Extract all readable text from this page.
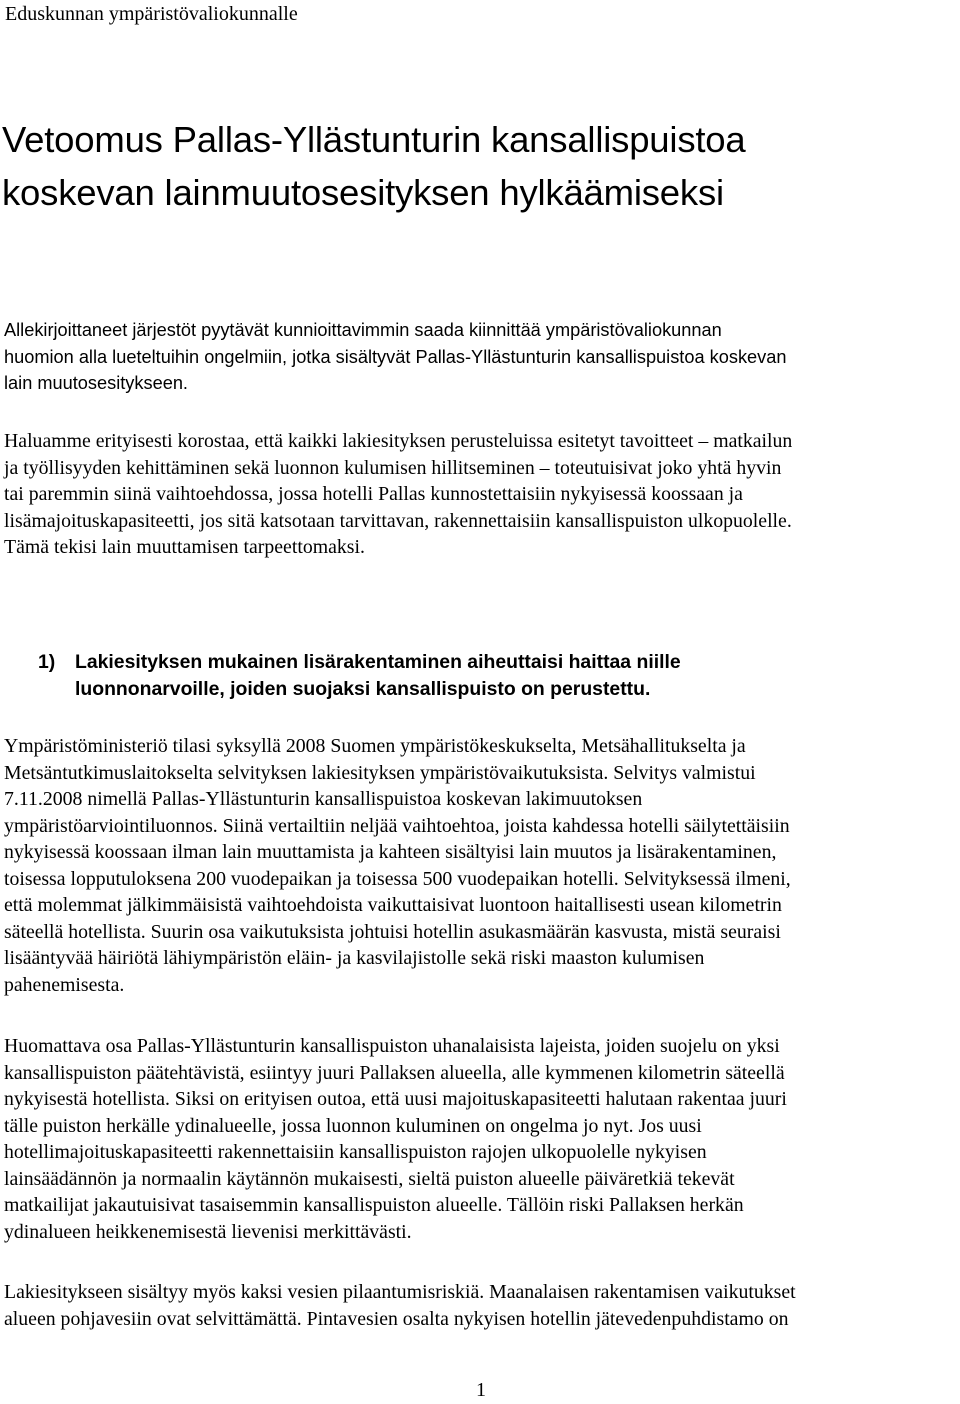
Eduskunnan ympäristövaliokunnalle

Vetoomus Pallas-Yllästunturin kansallispuistoa
koskevan lainmuutosesityksen hylkäämiseksi

Allekirjoittaneet järjestöt pyytävät kunnioittavimmin saada kiinnittää ympäristövaliokunnan
huomion alla lueteltuihin ongelmiin, jotka sisältyvät Pallas-Yllästunturin kansallispuistoa koskevan
lain muutosesitykseen.

Haluamme erityisesti korostaa, että kaikki lakiesityksen perusteluissa esitetyt tavoitteet – matkailun
ja työllisyyden kehittäminen sekä luonnon kulumisen hillitseminen – toteutuisivat joko yhtä hyvin
tai paremmin siinä vaihtoehdossa, jossa hotelli Pallas kunnostettaisiin nykyisessä koossaan ja
lisämajoituskapasiteetti, jos sitä katsotaan tarvittavan, rakennettaisiin kansallispuiston ulkopuolelle.
Tämä tekisi lain muuttamisen tarpeettomaksi.

1) Lakiesityksen mukainen lisärakentaminen aiheuttaisi haittaa niille
luonnonarvoille, joiden suojaksi kansallispuisto on perustettu.

Ympäristöministeriö tilasi syksyllä 2008 Suomen ympäristökeskukselta, Metsähallitukselta ja
Metsäntutkimuslaitokselta selvityksen lakiesityksen ympäristövaikutuksista. Selvitys valmistui
7.11.2008 nimellä Pallas-Yllästunturin kansallispuistoa koskevan lakimuutoksen
ympäristöarviointiluonnos. Siinä vertailtiin neljää vaihtoehtoa, joista kahdessa hotelli säilytettäisiin
nykyisessä koossaan ilman lain muuttamista ja kahteen sisältyisi lain muutos ja lisärakentaminen,
toisessa lopputuloksena 200 vuodepaikan ja toisessa 500 vuodepaikan hotelli. Selvityksessä ilmeni,
että molemmat jälkimmäisistä vaihtoehdoista vaikuttaisivat luontoon haitallisesti usean kilometrin
säteellä hotellista. Suurin osa vaikutuksista johtuisi hotellin asukasmäärän kasvusta, mistä seuraisi
lisääntyvää häiriötä lähiympäristön eläin- ja kasvilajistolle sekä riski maaston kulumisen
pahenemisesta.

Huomattava osa Pallas-Yllästunturin kansallispuiston uhanalaisista lajeista, joiden suojelu on yksi
kansallispuiston päätehtävistä, esiintyy juuri Pallaksen alueella, alle kymmenen kilometrin säteellä
nykyisestä hotellista. Siksi on erityisen outoa, että uusi majoituskapasiteetti halutaan rakentaa juuri
tälle puiston herkälle ydinalueelle, jossa luonnon kuluminen on ongelma jo nyt. Jos uusi
hotellimajoituskapasiteetti rakennettaisiin kansallispuiston rajojen ulkopuolelle nykyisen
lainsäädännön ja normaalin käytännön mukaisesti, sieltä puiston alueelle päiväretkiä tekevät
matkailijat jakautuisivat tasaisemmin kansallispuiston alueelle. Tällöin riski Pallaksen herkän
ydinalueen heikkenemisestä lievenisi merkittävästi.

Lakiesitykseen sisältyy myös kaksi vesien pilaantumisriskiä. Maanalaisen rakentamisen vaikutukset
alueen pohjavesiin ovat selvittämättä. Pintavesien osalta nykyisen hotellin jätevedenpuhdistamo on

1
